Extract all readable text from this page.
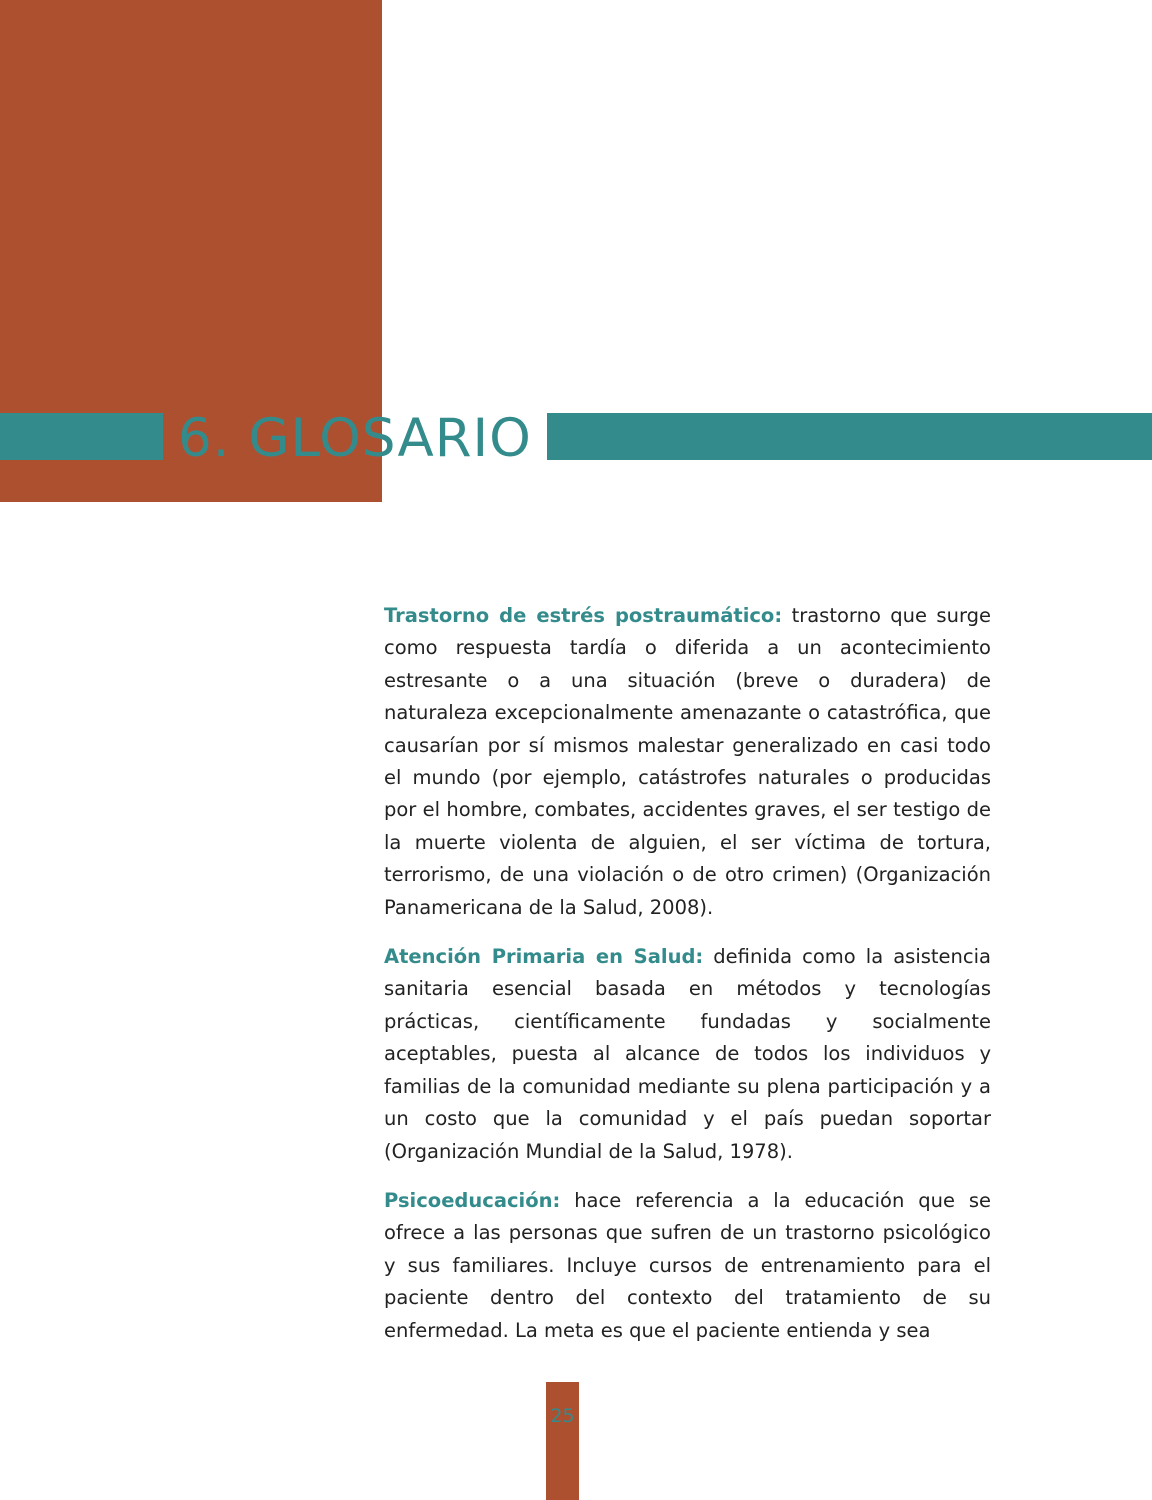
6. GLOSARIO

Trastorno de estrés postraumático: trastorno que surge como respuesta tardía o diferida a un acontecimiento estresante o a una situación (breve o duradera) de naturaleza excepcionalmente amenazante o catastrófica, que causarían por sí mismos malestar generalizado en casi todo el mundo (por ejemplo, catástrofes naturales o producidas por el hombre, combates, accidentes graves, el ser testigo de la muerte violenta de alguien, el ser víctima de tortura, terrorismo, de una violación o de otro crimen) (Organización Panamericana de la Salud, 2008).

Atención Primaria en Salud: definida como la asistencia sanitaria esencial basada en métodos y tecnologías prácticas, científicamente fundadas y socialmente aceptables, puesta al alcance de todos los individuos y familias de la comunidad mediante su plena participación y a un costo que la comunidad y el país puedan soportar (Organización Mundial de la Salud, 1978).

Psicoeducación: hace referencia a la educación que se ofrece a las personas que sufren de un trastorno psicológico y sus familiares. Incluye cursos de entrenamiento para el paciente dentro del contexto del tratamiento de su enfermedad. La meta es que el paciente entienda y sea

25
